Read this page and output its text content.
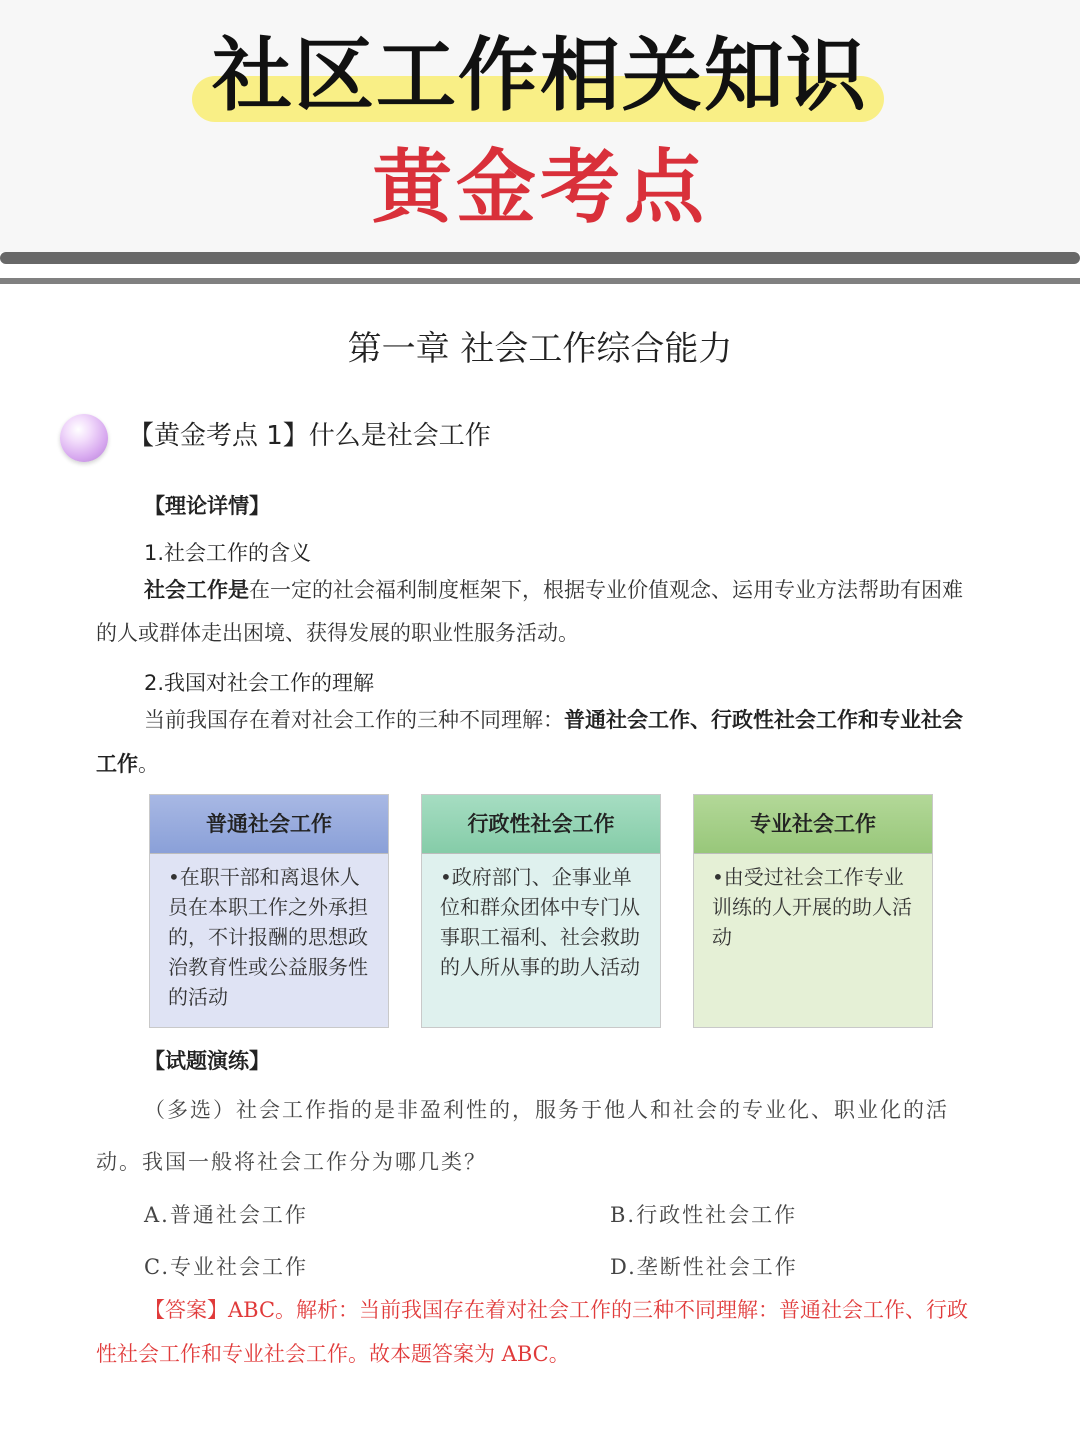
社区工作相关知识
黄金考点
第一章 社会工作综合能力
【黄金考点 1】什么是社会工作
【理论详情】
1.社会工作的含义
社会工作是在一定的社会福利制度框架下，根据专业价值观念、运用专业方法帮助有困难的人或群体走出困境、获得发展的职业性服务活动。
2.我国对社会工作的理解
当前我国存在着对社会工作的三种不同理解：普通社会工作、行政性社会工作和专业社会工作。
普通社会工作
•在职干部和离退休人员在本职工作之外承担的，不计报酬的思想政治教育性或公益服务性的活动
行政性社会工作
•政府部门、企事业单位和群众团体中专门从事职工福利、社会救助的人所从事的助人活动
专业社会工作
•由受过社会工作专业训练的人开展的助人活动
【试题演练】
（多选）社会工作指的是非盈利性的，服务于他人和社会的专业化、职业化的活动。我国一般将社会工作分为哪几类？
A.普通社会工作	B.行政性社会工作
C.专业社会工作	D.垄断性社会工作
【答案】ABC。解析：当前我国存在着对社会工作的三种不同理解：普通社会工作、行政性社会工作和专业社会工作。故本题答案为 ABC。
